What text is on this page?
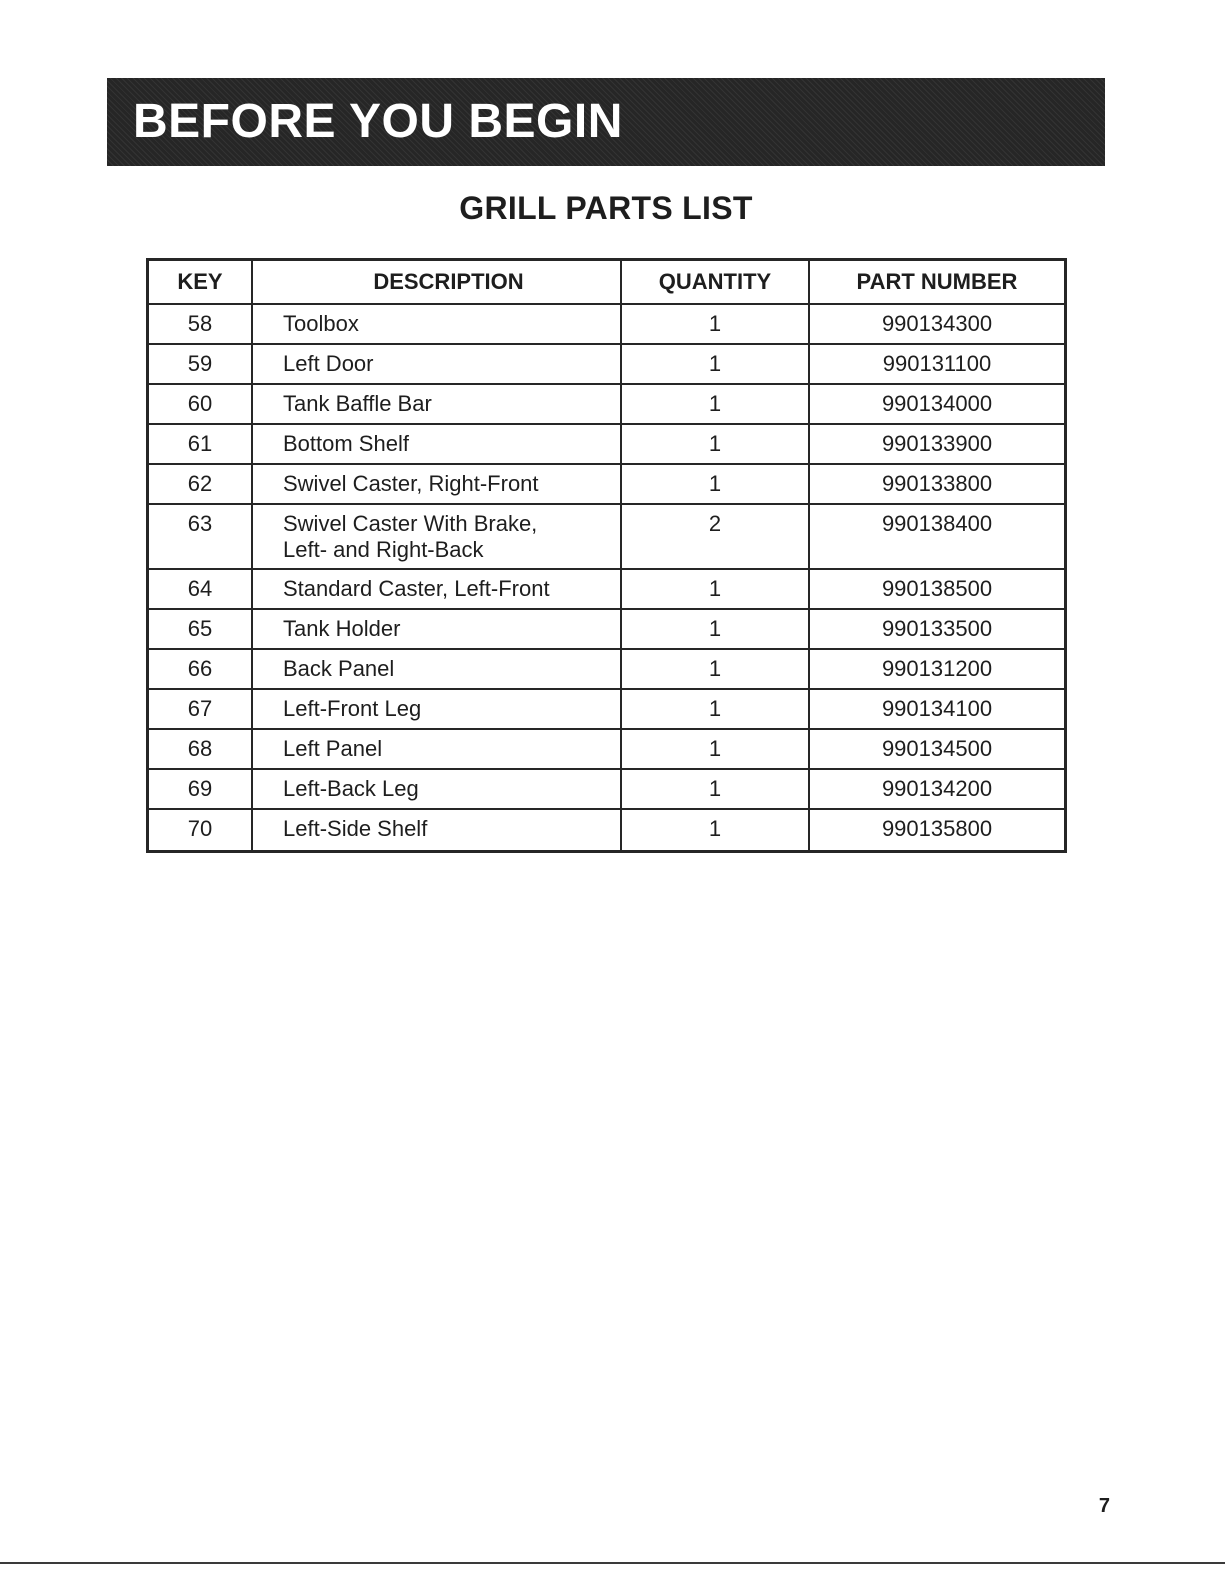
BEFORE YOU BEGIN
GRILL PARTS LIST
KEY	DESCRIPTION	QUANTITY	PART NUMBER
58	Toolbox	1	990134300
59	Left Door	1	990131100
60	Tank Baffle Bar	1	990134000
61	Bottom Shelf	1	990133900
62	Swivel Caster, Right-Front	1	990133800
63	Swivel Caster With Brake,
Left- and Right-Back	2	990138400
64	Standard Caster, Left-Front	1	990138500
65	Tank Holder	1	990133500
66	Back Panel	1	990131200
67	Left-Front Leg	1	990134100
68	Left Panel	1	990134500
69	Left-Back Leg	1	990134200
70	Left-Side Shelf	1	990135800
7
